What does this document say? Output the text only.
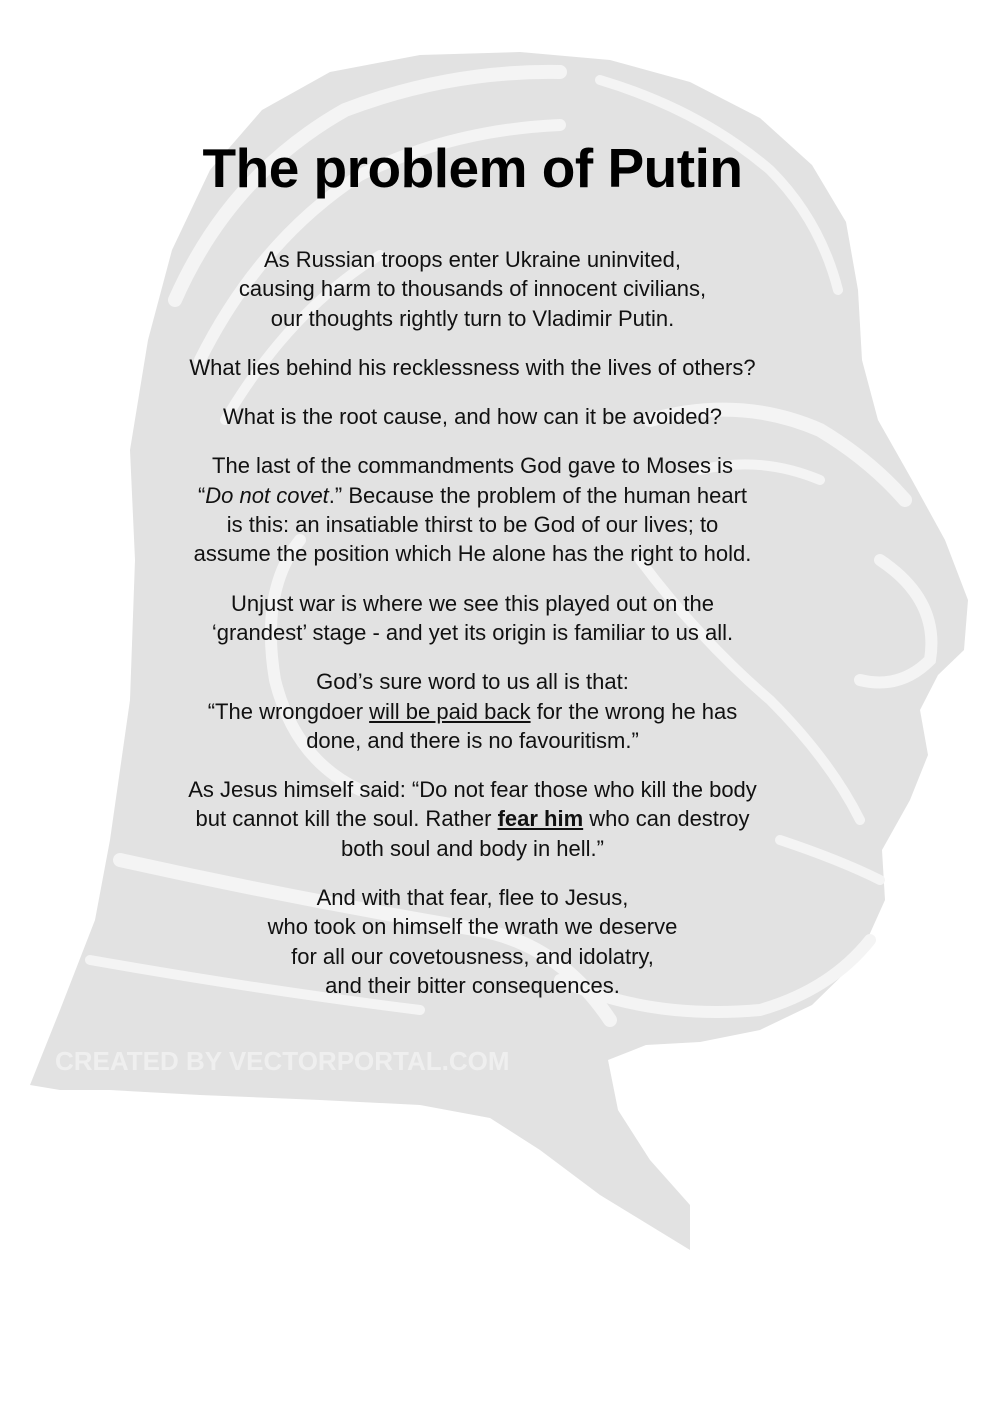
CREATED BY VECTORPORTAL.COM
The problem of Putin

As Russian troops enter Ukraine uninvited,
causing harm to thousands of innocent civilians,
our thoughts rightly turn to Vladimir Putin.

What lies behind his recklessness with the lives of others?

What is the root cause, and how can it be avoided?

The last of the commandments God gave to Moses is
“Do not covet.” Because the problem of the human heart
is this: an insatiable thirst to be God of our lives; to
assume the position which He alone has the right to hold.

Unjust war is where we see this played out on the
‘grandest’ stage - and yet its origin is familiar to us all.

God’s sure word to us all is that:
“The wrongdoer will be paid back for the wrong he has
done, and there is no favouritism.”

As Jesus himself said: “Do not fear those who kill the body
but cannot kill the soul. Rather fear him who can destroy
both soul and body in hell.”

And with that fear, flee to Jesus,
who took on himself the wrath we deserve
for all our covetousness, and idolatry,
and their bitter consequences.
